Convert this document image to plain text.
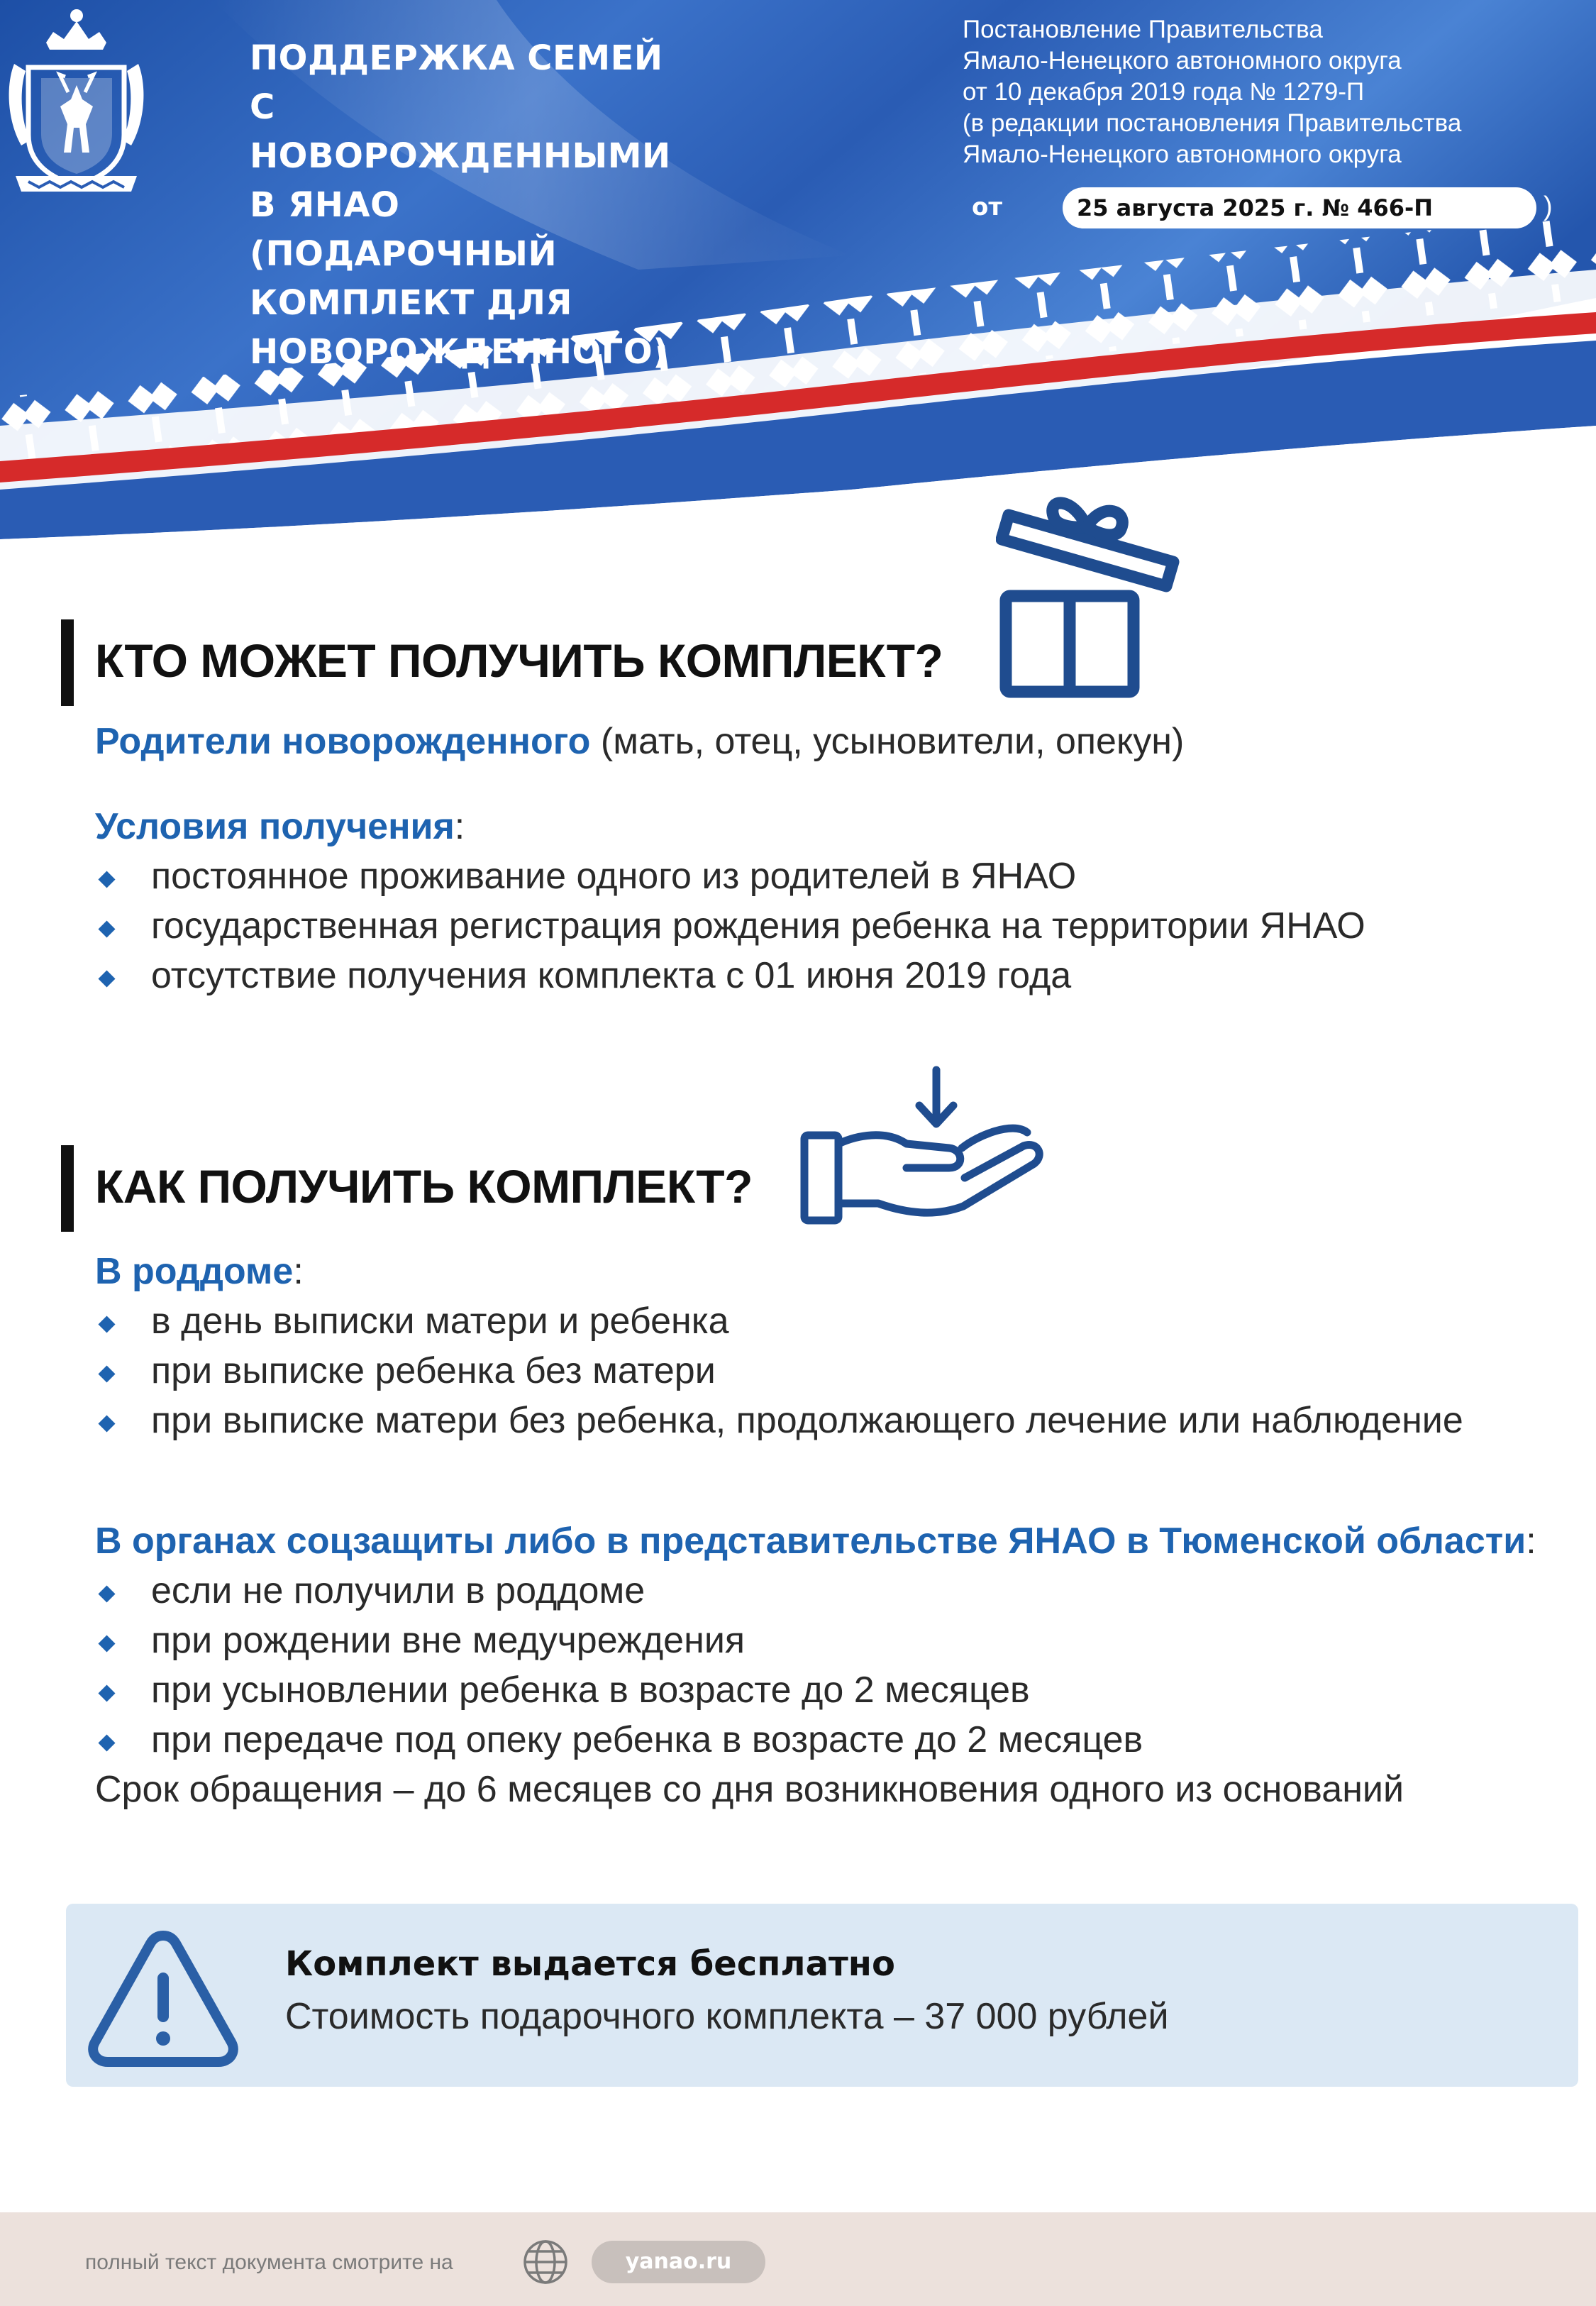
ПОДДЕРЖКА СЕМЕЙ
С НОВОРОЖДЕННЫМИ
В ЯНАО (ПОДАРОЧНЫЙ
КОМПЛЕКТ ДЛЯ
НОВОРОЖДЕННОГО)
Постановление Правительства
Ямало-Ненецкого автономного округа
от 10 декабря 2019 года № 1279-П
(в редакции постановления Правительства
Ямало-Ненецкого автономного округа
от	25 августа 2025 г. № 466-П	)
КТО МОЖЕТ ПОЛУЧИТЬ КОМПЛЕКТ?
Родители новорожденного (мать, отец, усыновители, опекун)
Условия получения:
постоянное проживание одного из родителей в ЯНАО
государственная регистрация рождения ребенка на территории ЯНАО
отсутствие получения комплекта с 01 июня 2019 года
КАК ПОЛУЧИТЬ КОМПЛЕКТ?
В роддоме:
в день выписки матери и ребенка
при выписке ребенка без матери
при выписке матери без ребенка, продолжающего лечение или наблюдение
В органах соцзащиты либо в представительстве ЯНАО в Тюменской области:
если не получили в роддоме
при рождении вне медучреждения
при усыновлении ребенка в возрасте до 2 месяцев
при передаче под опеку ребенка в возрасте до 2 месяцев
Срок обращения – до 6 месяцев со дня возникновения одного из оснований
Комплект выдается бесплатно
Стоимость подарочного комплекта – 37 000 рублей
полный текст документа смотрите на	yanao.ru
